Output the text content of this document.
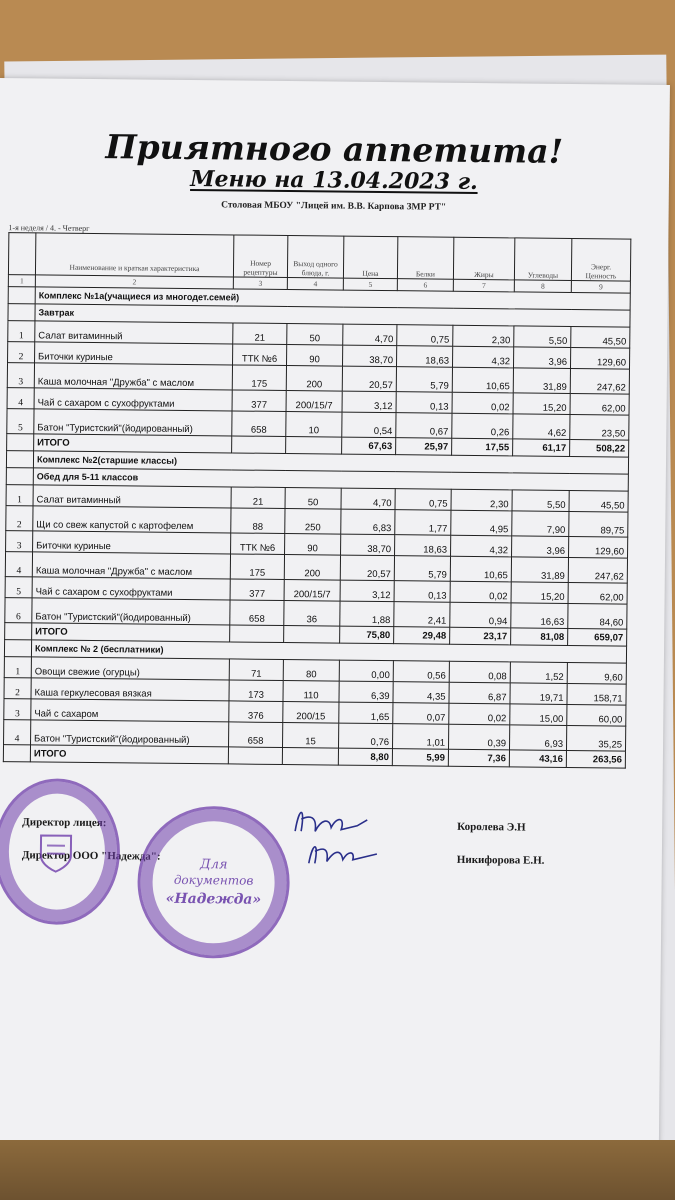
Приятного аппетита!
Меню на 13.04.2023 г.
Столовая МБОУ "Лицей им. В.В. Карпова ЗМР РТ"
1-я неделя / 4. - Четверг
	Наименование и краткая характеристика	Номер рецептуры	Выход одного блюда, г.	Цена	Белки	Жиры	Углеводы	Энерг. Ценность
1	2	3	4	5	6	7	8	9
	Комплекс №1а(учащиеся из многодет.семей)							
	Завтрак							
1	Салат витаминный	21	50	4,70	0,75	2,30	5,50	45,50
2	Биточки куриные	ТТК №6	90	38,70	18,63	4,32	3,96	129,60
3	Каша молочная "Дружба" с маслом	175	200	20,57	5,79	10,65	31,89	247,62
4	Чай с сахаром с сухофруктами	377	200/15/7	3,12	0,13	0,02	15,20	62,00
5	Батон "Туристский"(йодированный)	658	10	0,54	0,67	0,26	4,62	23,50
	ИТОГО			67,63	25,97	17,55	61,17	508,22
	Комплекс №2(старшие классы)							
	Обед для 5-11 классов							
1	Салат витаминный	21	50	4,70	0,75	2,30	5,50	45,50
2	Щи со свеж капустой с картофелем	88	250	6,83	1,77	4,95	7,90	89,75
3	Биточки куриные	ТТК №6	90	38,70	18,63	4,32	3,96	129,60
4	Каша молочная "Дружба" с маслом	175	200	20,57	5,79	10,65	31,89	247,62
5	Чай с сахаром с сухофруктами	377	200/15/7	3,12	0,13	0,02	15,20	62,00
6	Батон "Туристский"(йодированный)	658	36	1,88	2,41	0,94	16,63	84,60
	ИТОГО			75,80	29,48	23,17	81,08	659,07
	Комплекс № 2 (бесплатники)							
1	Овощи свежие (огурцы)	71	80	0,00	0,56	0,08	1,52	9,60
2	Каша геркулесовая вязкая	173	110	6,39	4,35	6,87	19,71	158,71
3	Чай с сахаром	376	200/15	1,65	0,07	0,02	15,00	60,00
4	Батон "Туристский"(йодированный)	658	15	0,76	1,01	0,39	6,93	35,25
	ИТОГО			8,80	5,99	7,36	43,16	263,56
Директор лицея:
Директор ООО "Надежда":
Королева Э.Н
Никифорова Е.Н.
Для
документов
«Надежда»
